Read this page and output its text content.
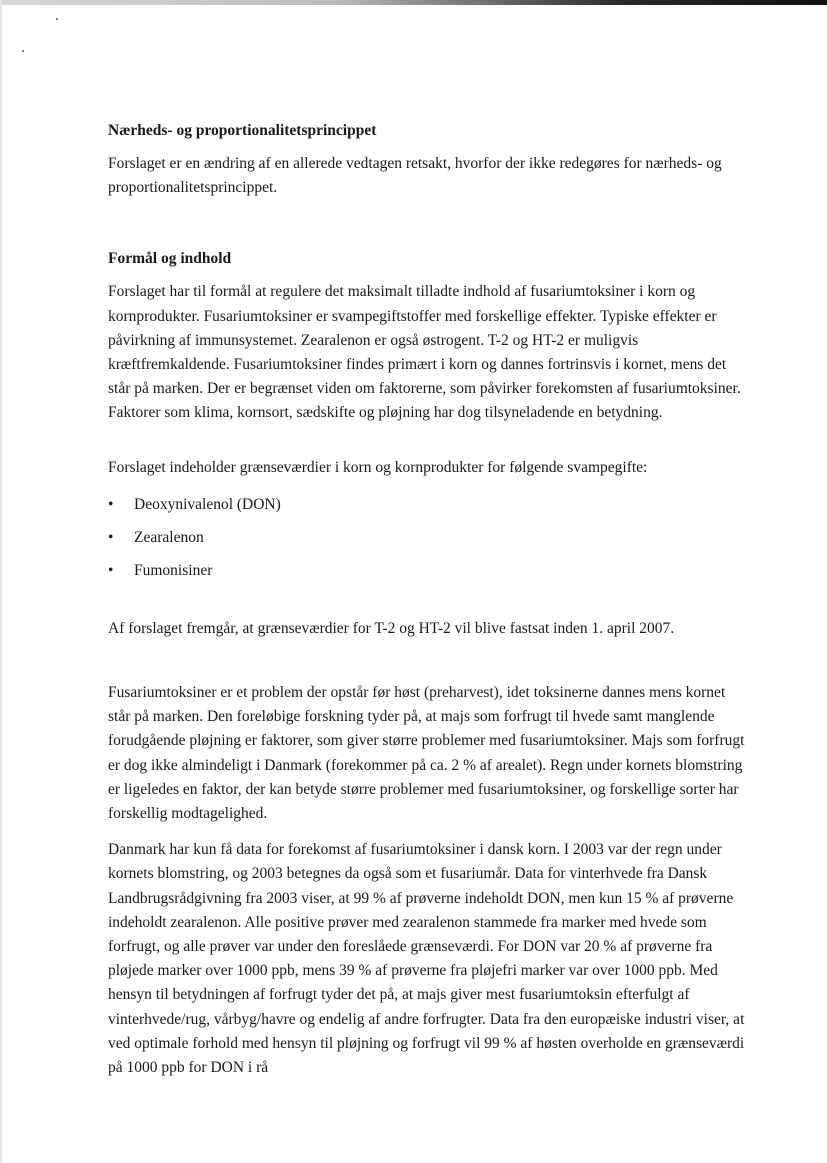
Nærheds- og proportionalitetsprincippet

Forslaget er en ændring af en allerede vedtagen retsakt, hvorfor der ikke redegøres for nærheds- og proportionalitetsprincippet.

Formål og indhold

Forslaget har til formål at regulere det maksimalt tilladte indhold af fusariumtoksiner i korn og kornprodukter. Fusariumtoksiner er svampegiftstoffer med forskellige effekter. Typiske effekter er påvirkning af immunsystemet. Zearalenon er også østrogent. T-2 og HT-2 er muligvis kræftfremkaldende. Fusariumtoksiner findes primært i korn og dannes fortrinsvis i kornet, mens det står på marken. Der er begrænset viden om faktorerne, som påvirker forekomsten af fusariumtoksiner. Faktorer som klima, kornsort, sædskifte og pløjning har dog tilsyneladende en betydning.

Forslaget indeholder grænseværdier i korn og kornprodukter for følgende svampegifte:

• Deoxynivalenol (DON)
• Zearalenon
• Fumonisiner

Af forslaget fremgår, at grænseværdier for T-2 og HT-2 vil blive fastsat inden 1. april 2007.

Fusariumtoksiner er et problem der opstår før høst (preharvest), idet toksinerne dannes mens kornet står på marken. Den foreløbige forskning tyder på, at majs som forfrugt til hvede samt manglende forudgående pløjning er faktorer, som giver større problemer med fusariumtoksiner. Majs som forfrugt er dog ikke almindeligt i Danmark (forekommer på ca. 2 % af arealet). Regn under kornets blomstring er ligeledes en faktor, der kan betyde større problemer med fusariumtoksiner, og forskellige sorter har forskellig modtagelighed.

Danmark har kun få data for forekomst af fusariumtoksiner i dansk korn. I 2003 var der regn under kornets blomstring, og 2003 betegnes da også som et fusariumår. Data for vinterhvede fra Dansk Landbrugsrådgivning fra 2003 viser, at 99 % af prøverne indeholdt DON, men kun 15 % af prøverne indeholdt zearalenon. Alle positive prøver med zearalenon stammede fra marker med hvede som forfrugt, og alle prøver var under den foreslåede grænseværdi. For DON var 20 % af prøverne fra pløjede marker over 1000 ppb, mens 39 % af prøverne fra pløjefri marker var over 1000 ppb. Med hensyn til betydningen af forfrugt tyder det på, at majs giver mest fusariumtoksin efterfulgt af vinterhvede/rug, vårbyg/havre og endelig af andre forfrugter. Data fra den europæiske industri viser, at ved optimale forhold med hensyn til pløjning og forfrugt vil 99 % af høsten overholde en grænseværdi på 1000 ppb for DON i rå
